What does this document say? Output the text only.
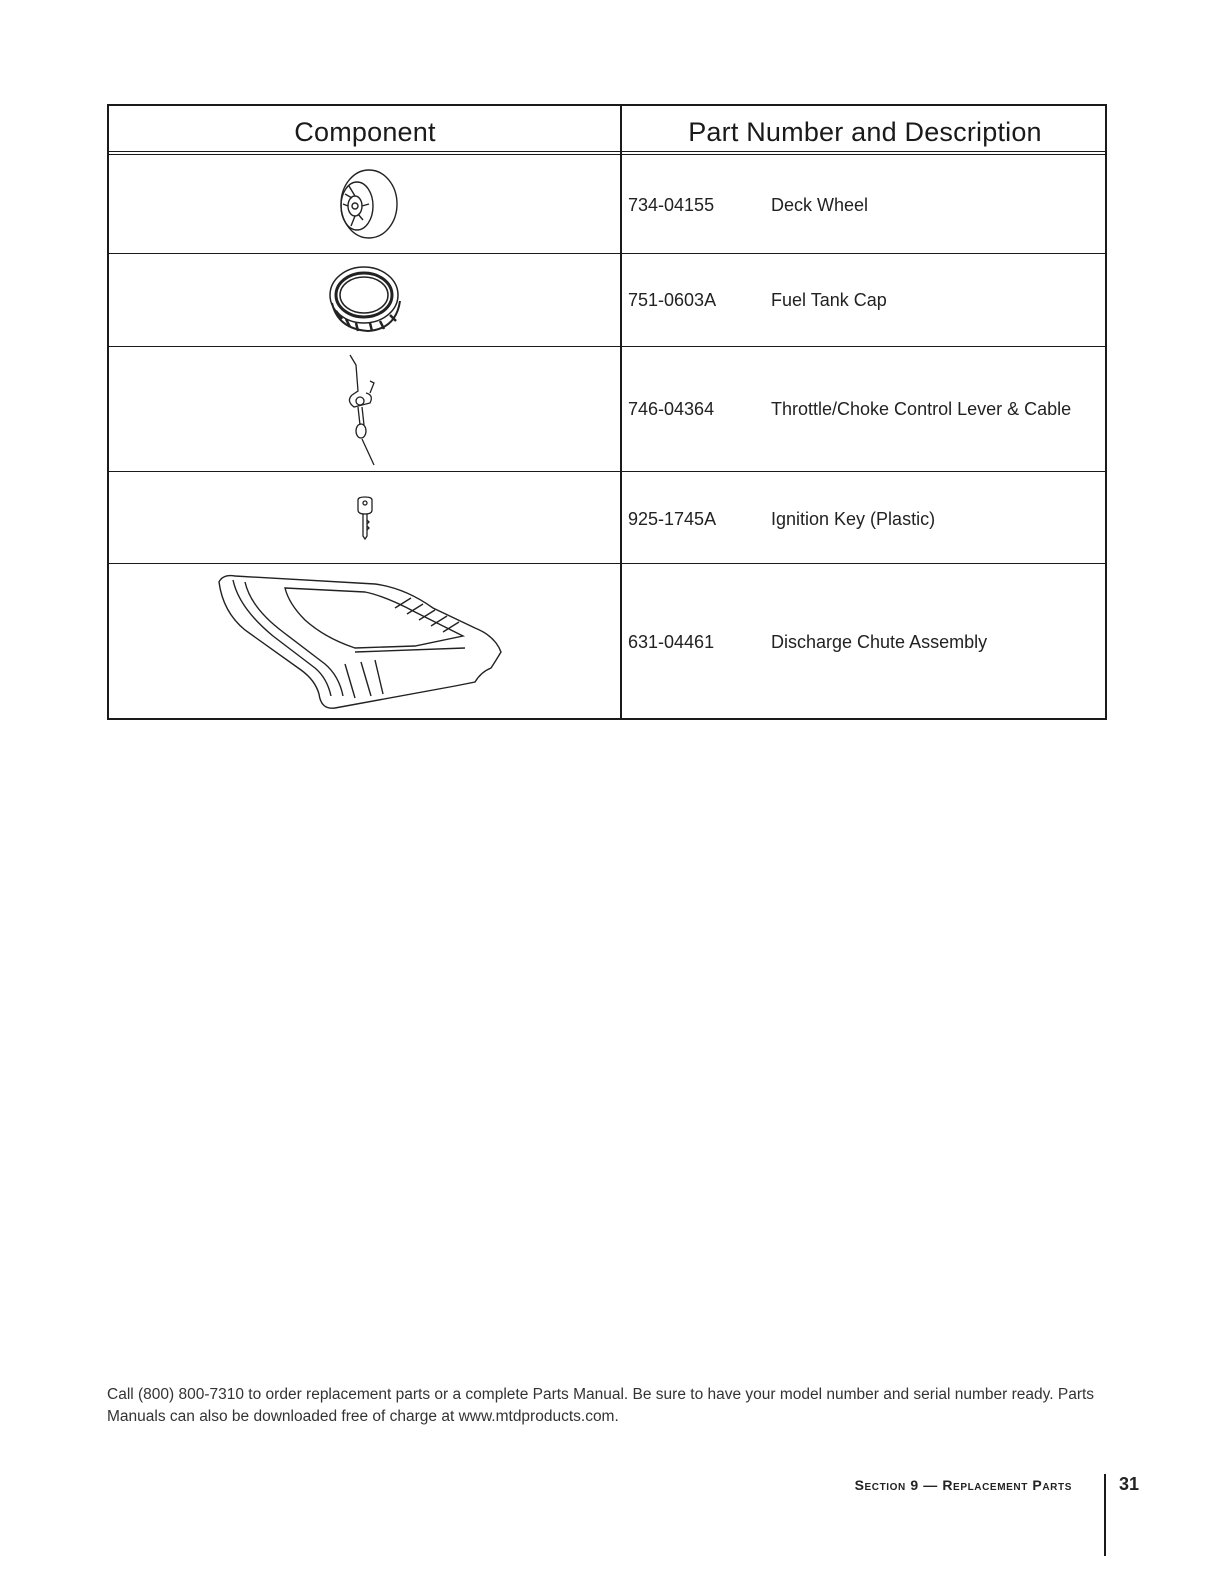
Component	Part Number and Description
734-04155	Deck Wheel
751-0603A	Fuel Tank Cap
746-04364	Throttle/Choke Control Lever & Cable
925-1745A	Ignition Key (Plastic)
631-04461	Discharge Chute Assembly
Call (800) 800-7310 to order replacement parts or a complete Parts Manual. Be sure to have your model number and serial number ready. Parts Manuals can also be downloaded free of charge at www.mtdproducts.com.
Section 9 — Replacement Parts	31
